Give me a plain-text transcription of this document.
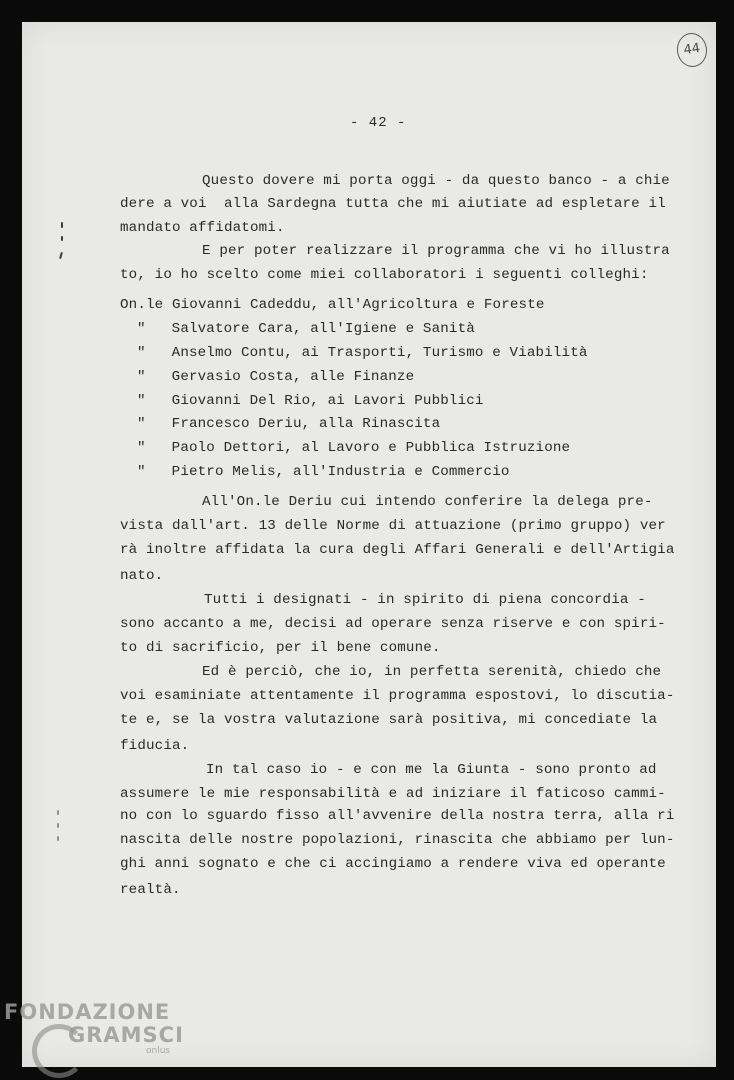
44
- 42 -
Questo dovere mi porta oggi - da questo banco - a chie
dere a voi  alla Sardegna tutta che mi aiutiate ad espletare il
mandato affidatomi.
E per poter realizzare il programma che vi ho illustra
to, io ho scelto come miei collaboratori i seguenti colleghi:
On.le Giovanni Cadeddu, all'Agricoltura e Foreste
"   Salvatore Cara, all'Igiene e Sanità
"   Anselmo Contu, ai Trasporti, Turismo e Viabilità
"   Gervasio Costa, alle Finanze
"   Giovanni Del Rio, ai Lavori Pubblici
"   Francesco Deriu, alla Rinascita
"   Paolo Dettori, al Lavoro e Pubblica Istruzione
"   Pietro Melis, all'Industria e Commercio
All'On.le Deriu cui intendo conferire la delega pre-
vista dall'art. 13 delle Norme di attuazione (primo gruppo) ver
rà inoltre affidata la cura degli Affari Generali e dell'Artigia
nato.
Tutti i designati - in spirito di piena concordia -
sono accanto a me, decisi ad operare senza riserve e con spiri-
to di sacrificio, per il bene comune.
Ed è perciò, che io, in perfetta serenità, chiedo che
voi esaminiate attentamente il programma espostovi, lo discutia-
te e, se la vostra valutazione sarà positiva, mi concediate la
fiducia.
In tal caso io - e con me la Giunta - sono pronto ad
assumere le mie responsabilità e ad iniziare il faticoso cammi-
no con lo sguardo fisso all'avvenire della nostra terra, alla ri
nascita delle nostre popolazioni, rinascita che abbiamo per lun-
ghi anni sognato e che ci accingiamo a rendere viva ed operante
realtà.
FONDAZIONE
GRAMSCI
onlus
